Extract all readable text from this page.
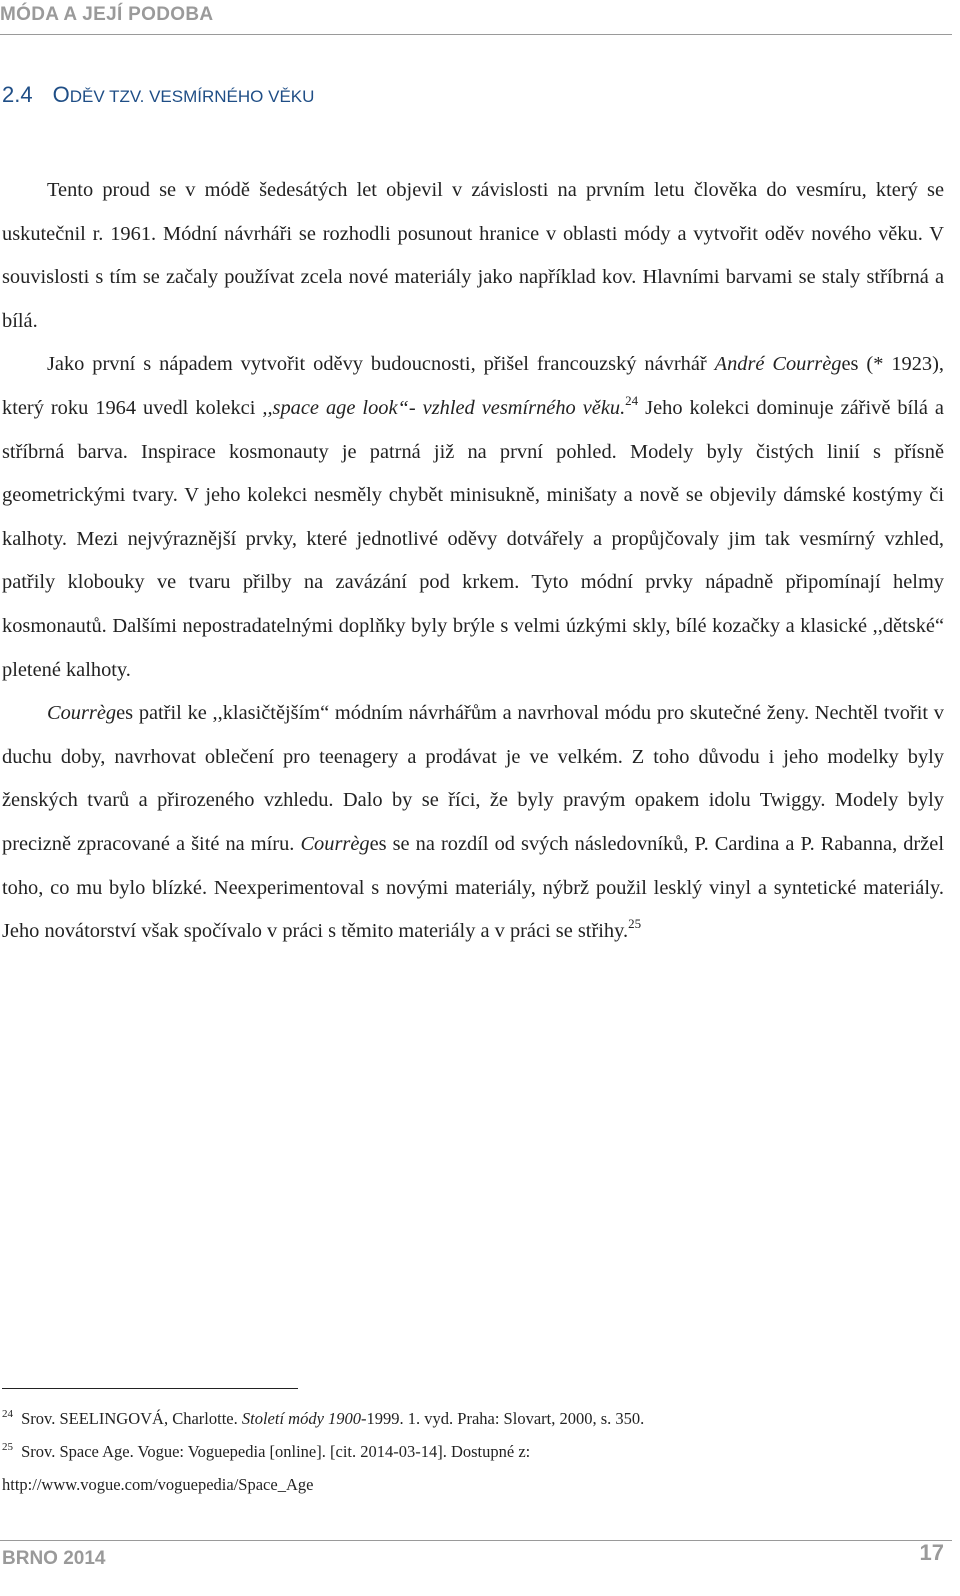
MÓDA A JEJÍ PODOBA
2.4 ODĚV TZV. VESMÍRNÉHO VĚKU

Tento proud se v módě šedesátých let objevil v závislosti na prvním letu člověka do vesmíru, který se uskutečnil r. 1961. Módní návrháři se rozhodli posunout hranice v oblasti módy a vytvořit oděv nového věku. V souvislosti s tím se začaly používat zcela nové materiály jako například kov. Hlavními barvami se staly stříbrná a bílá.

Jako první s nápadem vytvořit oděvy budoucnosti, přišel francouzský návrhář André Courrèges (* 1923), který roku 1964 uvedl kolekci ,,space age look“- vzhled vesmírného věku.$^{24}$ Jeho kolekci dominuje zářivě bílá a stříbrná barva. Inspirace kosmonauty je patrná již na první pohled. Modely byly čistých linií s přísně geometrickými tvary. V jeho kolekci nesměly chybět minisukně, minišaty a nově se objevily dámské kostýmy či kalhoty. Mezi nejvýraznější prvky, které jednotlivé oděvy dotvářely a propůjčovaly jim tak vesmírný vzhled, patřily klobouky ve tvaru přilby na zavázání pod krkem. Tyto módní prvky nápadně připomínají helmy kosmonautů. Dalšími nepostradatelnými doplňky byly brýle s velmi úzkými skly, bílé kozačky a klasické ,,dětské“ pletené kalhoty.

Courrèges patřil ke ,,klasičtějším“ módním návrhářům a navrhoval módu pro skutečné ženy. Nechtěl tvořit v duchu doby, navrhovat oblečení pro teenagery a prodávat je ve velkém. Z toho důvodu i jeho modelky byly ženských tvarů a přirozeného vzhledu. Dalo by se říci, že byly pravým opakem idolu Twiggy. Modely byly precizně zpracované a šité na míru. Courrèges se na rozdíl od svých následovníků, P. Cardina a P. Rabanna, držel toho, co mu bylo blízké. Neexperimentoval s novými materiály, nýbrž použil lesklý vinyl a syntetické materiály. Jeho novátorství však spočívalo v práci s těmito materiály a v práci se střihy.$^{25}$

$^{24}$ Srov. SEELINGOVÁ, Charlotte. Století módy 1900-1999. 1. vyd. Praha: Slovart, 2000, s. 350.
$^{25}$ Srov. Space Age. Vogue: Voguepedia [online]. [cit. 2014-03-14]. Dostupné z:
http://www.vogue.com/voguepedia/Space_Age
BRNO 2014	17
